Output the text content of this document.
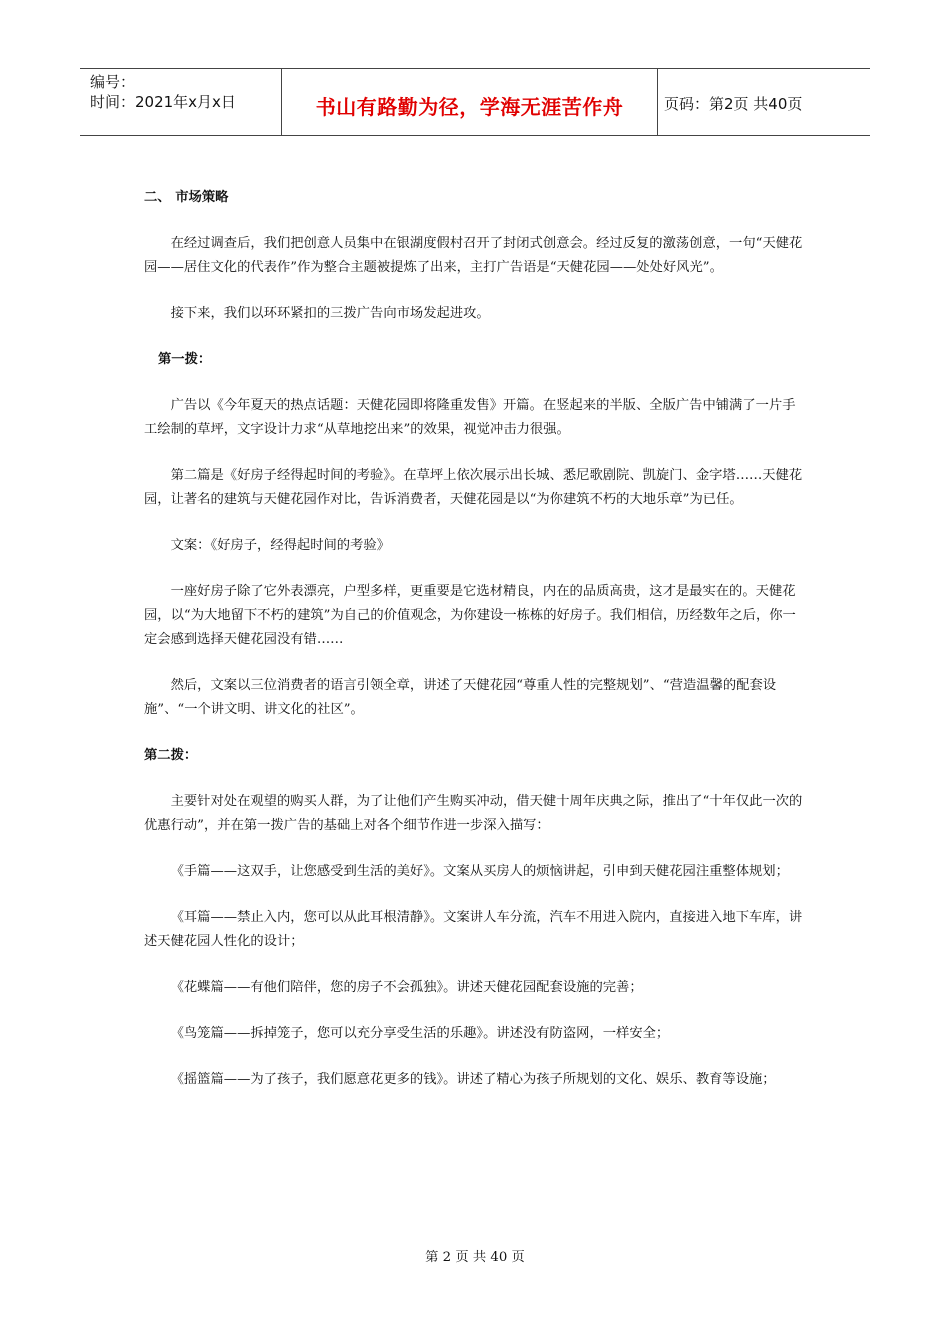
编号：
时间：2021年x月x日	书山有路勤为径，学海无涯苦作舟	页码：第2页 共40页

二、 市场策略

在经过调查后，我们把创意人员集中在银湖度假村召开了封闭式创意会。经过反复的激荡创意，一句“天健花园——居住文化的代表作”作为整合主题被提炼了出来，主打广告语是“天健花园——处处好风光”。

接下来，我们以环环紧扣的三拨广告向市场发起进攻。

第一拨：

广告以《今年夏天的热点话题：天健花园即将隆重发售》开篇。在竖起来的半版、全版广告中铺满了一片手工绘制的草坪，文字设计力求“从草地挖出来”的效果，视觉冲击力很强。

第二篇是《好房子经得起时间的考验》。在草坪上依次展示出长城、悉尼歌剧院、凯旋门、金字塔……天健花园，让著名的建筑与天健花园作对比，告诉消费者，天健花园是以“为你建筑不朽的大地乐章”为已任。

文案：《好房子，经得起时间的考验》

一座好房子除了它外表漂亮，户型多样，更重要是它选材精良，内在的品质高贵，这才是最实在的。天健花园，以“为大地留下不朽的建筑”为自己的价值观念，为你建设一栋栋的好房子。我们相信，历经数年之后，你一定会感到选择天健花园没有错……

然后，文案以三位消费者的语言引领全章，讲述了天健花园“尊重人性的完整规划”、“营造温馨的配套设施”、“一个讲文明、讲文化的社区”。

第二拨：

主要针对处在观望的购买人群，为了让他们产生购买冲动，借天健十周年庆典之际，推出了“十年仅此一次的优惠行动”，并在第一拨广告的基础上对各个细节作进一步深入描写：

《手篇——这双手，让您感受到生活的美好》。文案从买房人的烦恼讲起，引申到天健花园注重整体规划；

《耳篇——禁止入内，您可以从此耳根清静》。文案讲人车分流，汽车不用进入院内，直接进入地下车库，讲述天健花园人性化的设计；

《花蝶篇——有他们陪伴，您的房子不会孤独》。讲述天健花园配套设施的完善；

《鸟笼篇——拆掉笼子，您可以充分享受生活的乐趣》。讲述没有防盗网，一样安全；

《摇篮篇——为了孩子，我们愿意花更多的钱》。讲述了精心为孩子所规划的文化、娱乐、教育等设施；

第 2 页 共 40 页
